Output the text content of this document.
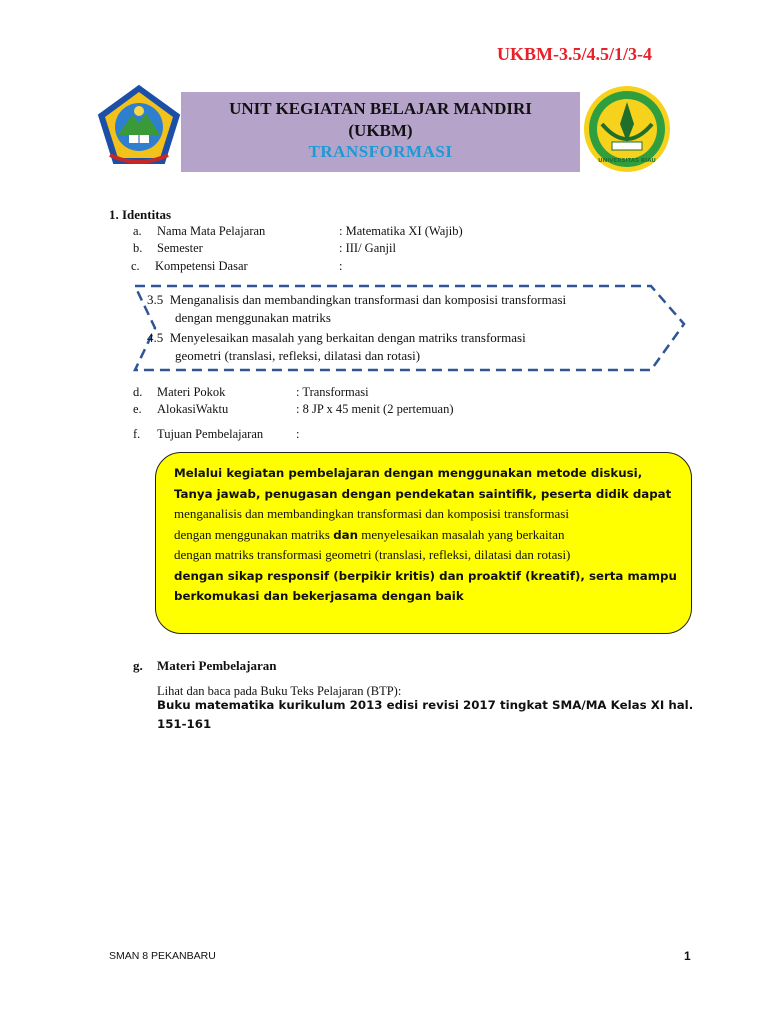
UKBM-3.5/4.5/1/3-4
UNIT KEGIATAN BELAJAR MANDIRI
(UKBM)
TRANSFORMASI	UNIVERSITAS RIAU
1. Identitas
a. Nama Mata Pelajaran	: Matematika XI (Wajib)
b. Semester	: III/ Ganjil
c. Kompetensi Dasar	:
3.5 Menganalisis dan membandingkan transformasi dan komposisi transformasi
dengan menggunakan matriks
4.5 Menyelesaikan masalah yang berkaitan dengan matriks transformasi
geometri (translasi, refleksi, dilatasi dan rotasi)
d. Materi Pokok	: Transformasi
e. AlokasiWaktu	: 8 JP x 45 menit (2 pertemuan)
f. Tujuan Pembelajaran	:
Melalui kegiatan pembelajaran dengan menggunakan metode diskusi,
Tanya jawab, penugasan dengan pendekatan saintifik, peserta didik dapat
menganalisis dan membandingkan transformasi dan komposisi transformasi
dengan menggunakan matriks dan menyelesaikan masalah yang berkaitan
dengan matriks transformasi geometri (translasi, refleksi, dilatasi dan rotasi)
dengan sikap responsif (berpikir kritis) dan proaktif (kreatif), serta mampu
berkomukasi dan bekerjasama dengan baik
g. Materi Pembelajaran
Lihat dan baca pada Buku Teks Pelajaran (BTP):
Buku matematika kurikulum 2013 edisi revisi 2017 tingkat SMA/MA Kelas XI hal.
151-161
SMAN 8 PEKANBARU	1
